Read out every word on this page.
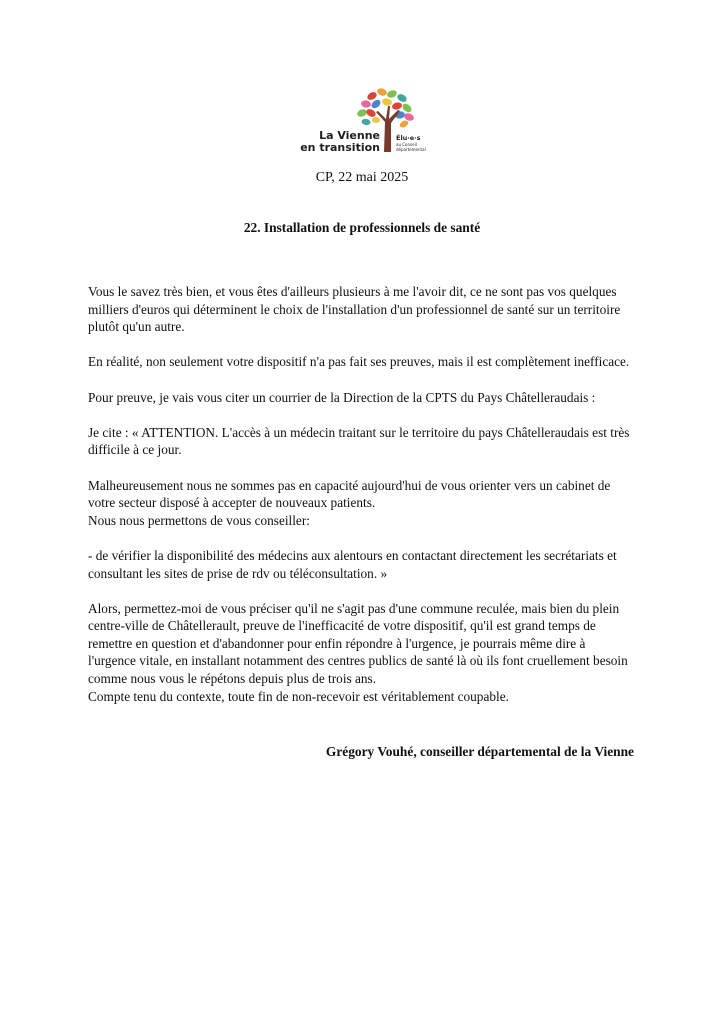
La Vienne
en transition
Élu·e·s
au Conseil
départemental
CP, 22 mai 2025
22. Installation de professionnels de santé

Vous le savez très bien, et vous êtes d'ailleurs plusieurs à me l'avoir dit, ce ne sont pas vos quelques milliers d'euros qui déterminent le choix de l'installation d'un professionnel de santé sur un territoire plutôt qu'un autre.

En réalité, non seulement votre dispositif n'a pas fait ses preuves, mais il est complètement inefficace.

Pour preuve, je vais vous citer un courrier de la Direction de la CPTS du Pays Châtelleraudais :

Je cite : « ATTENTION. L'accès à un médecin traitant sur le territoire du pays Châtelleraudais est très difficile à ce jour.

Malheureusement nous ne sommes pas en capacité aujourd'hui de vous orienter vers un cabinet de votre secteur disposé à accepter de nouveaux patients.

Nous nous permettons de vous conseiller:

- de vérifier la disponibilité des médecins aux alentours en contactant directement les secrétariats et consultant les sites de prise de rdv ou téléconsultation. »

Alors, permettez-moi de vous préciser qu'il ne s'agit pas d'une commune reculée, mais bien du plein centre-ville de Châtellerault, preuve de l'inefficacité de votre dispositif, qu'il est grand temps de remettre en question et d'abandonner pour enfin répondre à l'urgence, je pourrais même dire à l'urgence vitale, en installant notamment des centres publics de santé là où ils font cruellement besoin comme nous vous le répétons depuis plus de trois ans.

Compte tenu du contexte, toute fin de non-recevoir est véritablement coupable.

Grégory Vouhé, conseiller départemental de la Vienne
